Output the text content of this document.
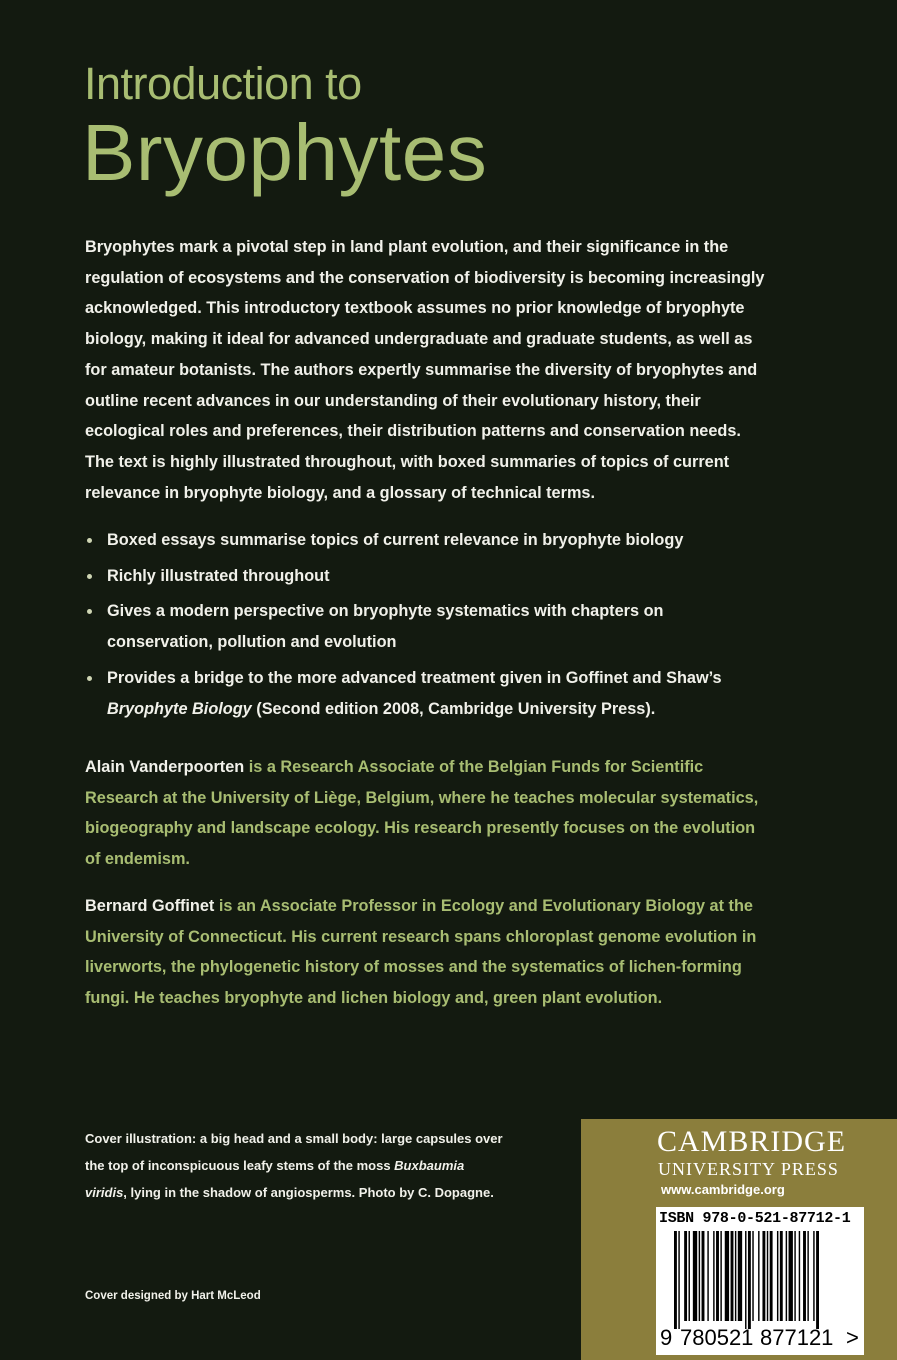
Introduction to
Bryophytes

Bryophytes mark a pivotal step in land plant evolution, and their significance in the regulation of ecosystems and the conservation of biodiversity is becoming increasingly acknowledged. This introductory textbook assumes no prior knowledge of bryophyte biology, making it ideal for advanced undergraduate and graduate students, as well as for amateur botanists. The authors expertly summarise the diversity of bryophytes and outline recent advances in our understanding of their evolutionary history, their ecological roles and preferences, their distribution patterns and conservation needs. The text is highly illustrated throughout, with boxed summaries of topics of current relevance in bryophyte biology, and a glossary of technical terms.

Boxed essays summarise topics of current relevance in bryophyte biology
Richly illustrated throughout
Gives a modern perspective on bryophyte systematics with chapters on conservation, pollution and evolution
Provides a bridge to the more advanced treatment given in Goffinet and Shaw’s Bryophyte Biology (Second edition 2008, Cambridge University Press).

Alain Vanderpoorten is a Research Associate of the Belgian Funds for Scientific Research at the University of Liège, Belgium, where he teaches molecular systematics, biogeography and landscape ecology. His research presently focuses on the evolution of endemism.

Bernard Goffinet is an Associate Professor in Ecology and Evolutionary Biology at the University of Connecticut. His current research spans chloroplast genome evolution in liverworts, the phylogenetic history of mosses and the systematics of lichen-forming fungi. He teaches bryophyte and lichen biology and, green plant evolution.

Cover illustration: a big head and a small body: large capsules over the top of inconspicuous leafy stems of the moss Buxbaumia viridis, lying in the shadow of angiosperms. Photo by C. Dopagne.

Cover designed by Hart McLeod
CAMBRIDGE
UNIVERSITY PRESS
www.cambridge.org
ISBN 978-0-521-87712-1
9 780521 877121 >
